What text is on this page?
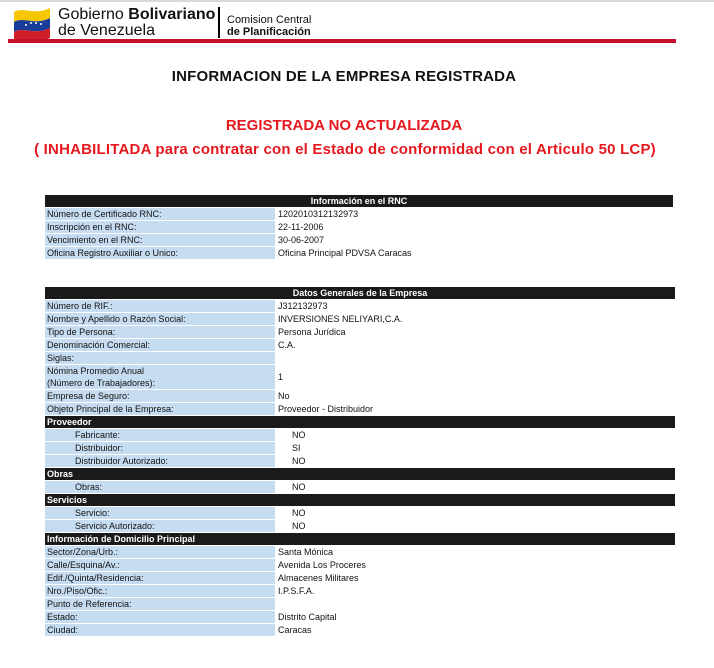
Gobierno Bolivariano
de Venezuela
Comision Central
de Planificación
INFORMACION DE LA EMPRESA REGISTRADA
REGISTRADA NO ACTUALIZADA
( INHABILITADA para contratar con el Estado de conformidad con el Articulo 50 LCP)
Información en el RNC	
Número de Certificado RNC:	1202010312132973
Inscripción en el RNC:	22-11-2006
Vencimiento en el RNC:	30-06-2007
Oficina Registro Auxiliar o Unico:	Oficina Principal PDVSA Caracas
Datos Generales de la Empresa	
Número de RIF.:	J312132973
Nombre y Apellido o Razón Social:	INVERSIONES NELIYARI,C.A.
Tipo de Persona:	Persona Jurídica
Denominación Comercial:	C.A.
Siglas:	
Nómina Promedio Anual
(Número de Trabajadores):	1
Empresa de Seguro:	No
Objeto Principal de la Empresa:	Proveedor - Distribuidor
Proveedor	
Fabricante:	NO
Distribuidor:	SI
Distribuidor Autorizado:	NO
Obras	
Obras:	NO
Servicios	
Servicio:	NO
Servicio Autorizado:	NO
Información de Domicilio Principal	
Sector/Zona/Urb.:	Santa Mónica
Calle/Esquina/Av.:	Avenida Los Proceres
Edif./Quinta/Residencia:	Almacenes Militares
Nro./Piso/Ofic.:	I.P.S.F.A.
Punto de Referencia:	
Estado:	Distrito Capital
Ciudad:	Caracas
